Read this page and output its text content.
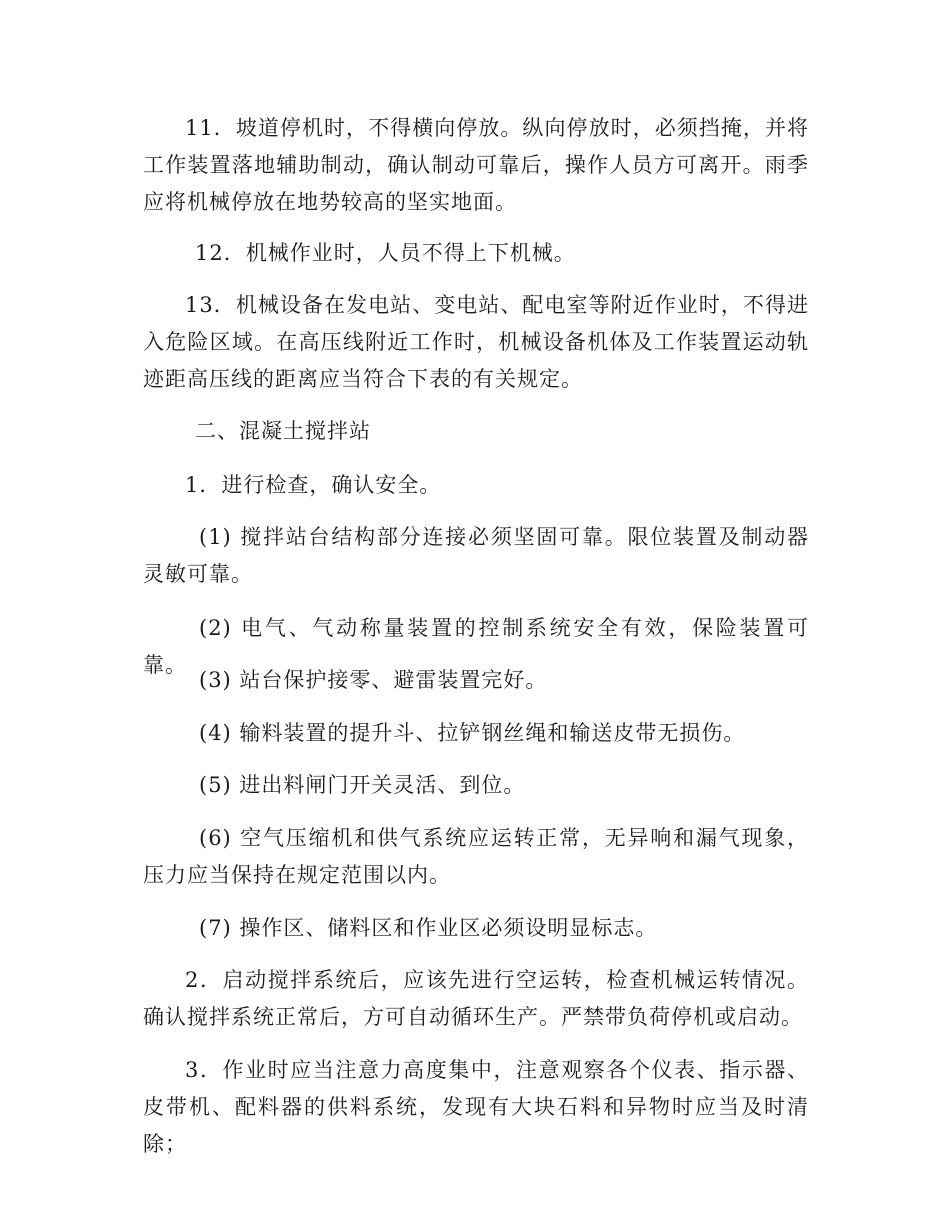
11．坡道停机时，不得横向停放。纵向停放时，必须挡掩，并将工作装置落地辅助制动，确认制动可靠后，操作人员方可离开。雨季应将机械停放在地势较高的坚实地面。

12．机械作业时，人员不得上下机械。

13．机械设备在发电站、变电站、配电室等附近作业时，不得进入危险区域。在高压线附近工作时，机械设备机体及工作装置运动轨迹距高压线的距离应当符合下表的有关规定。

二、混凝土搅拌站

1．进行检查，确认安全。

(1) 搅拌站台结构部分连接必须坚固可靠。限位装置及制动器灵敏可靠。

(2) 电气、气动称量装置的控制系统安全有效，保险装置可靠。

(3) 站台保护接零、避雷装置完好。

(4) 输料装置的提升斗、拉铲钢丝绳和输送皮带无损伤。

(5) 进出料闸门开关灵活、到位。

(6) 空气压缩机和供气系统应运转正常，无异响和漏气现象，压力应当保持在规定范围以内。

(7) 操作区、储料区和作业区必须设明显标志。

2．启动搅拌系统后，应该先进行空运转，检查机械运转情况。确认搅拌系统正常后，方可自动循环生产。严禁带负荷停机或启动。

3．作业时应当注意力高度集中，注意观察各个仪表、指示器、皮带机、配料器的供料系统，发现有大块石料和异物时应当及时清除；
